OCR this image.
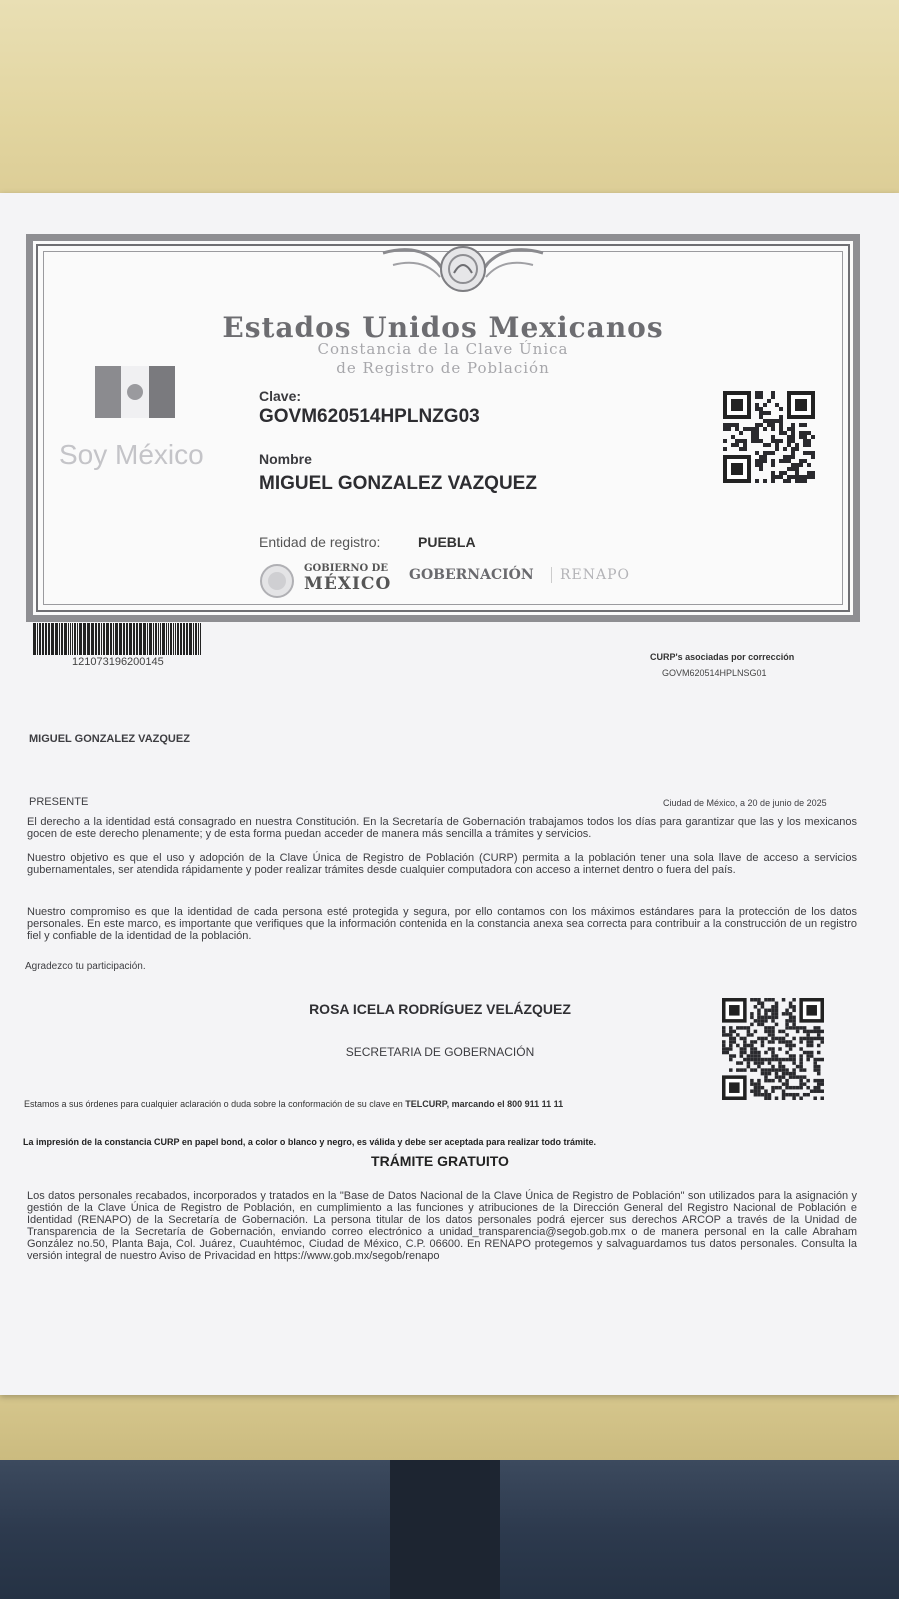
Estados Unidos Mexicanos
Constancia de la Clave Única
de Registro de Población
Soy México
Clave:
GOVM620514HPLNZG03
Nombre
MIGUEL GONZALEZ VAZQUEZ
Entidad de registro:	PUEBLA
GOBIERNO DE
MÉXICO GOBERNACIÓN	RENAPO
121073196200145	CURP's asociadas por corrección
GOVM620514HPLNSG01
MIGUEL GONZALEZ VAZQUEZ
PRESENTE	Ciudad de México, a 20 de junio de 2025
El derecho a la identidad está consagrado en nuestra Constitución. En la Secretaría de Gobernación trabajamos todos los días para garantizar que las y los mexicanos gocen de este derecho plenamente; y de esta forma puedan acceder de manera más sencilla a trámites y servicios.
Nuestro objetivo es que el uso y adopción de la Clave Única de Registro de Población (CURP) permita a la población tener una sola llave de acceso a servicios gubernamentales, ser atendida rápidamente y poder realizar trámites desde cualquier computadora con acceso a internet dentro o fuera del país.
Nuestro compromiso es que la identidad de cada persona esté protegida y segura, por ello contamos con los máximos estándares para la protección de los datos personales. En este marco, es importante que verifiques que la información contenida en la constancia anexa sea correcta para contribuir a la construcción de un registro fiel y confiable de la identidad de la población.
Agradezco tu participación.
ROSA ICELA RODRÍGUEZ VELÁZQUEZ
SECRETARIA DE GOBERNACIÓN
Estamos a sus órdenes para cualquier aclaración o duda sobre la conformación de su clave en TELCURP, marcando el 800 911 11 11
La impresión de la constancia CURP en papel bond, a color o blanco y negro, es válida y debe ser aceptada para realizar todo trámite.
TRÁMITE GRATUITO
Los datos personales recabados, incorporados y tratados en la "Base de Datos Nacional de la Clave Única de Registro de Población" son utilizados para la asignación y gestión de la Clave Única de Registro de Población, en cumplimiento a las funciones y atribuciones de la Dirección General del Registro Nacional de Población e Identidad (RENAPO) de la Secretaría de Gobernación. La persona titular de los datos personales podrá ejercer sus derechos ARCOP a través de la Unidad de Transparencia de la Secretaría de Gobernación, enviando correo electrónico a unidad_transparencia@segob.gob.mx o de manera personal en la calle Abraham González no.50, Planta Baja, Col. Juárez, Cuauhtémoc, Ciudad de México, C.P. 06600. En RENAPO protegemos y salvaguardamos tus datos personales. Consulta la versión integral de nuestro Aviso de Privacidad en https://www.gob.mx/segob/renapo
